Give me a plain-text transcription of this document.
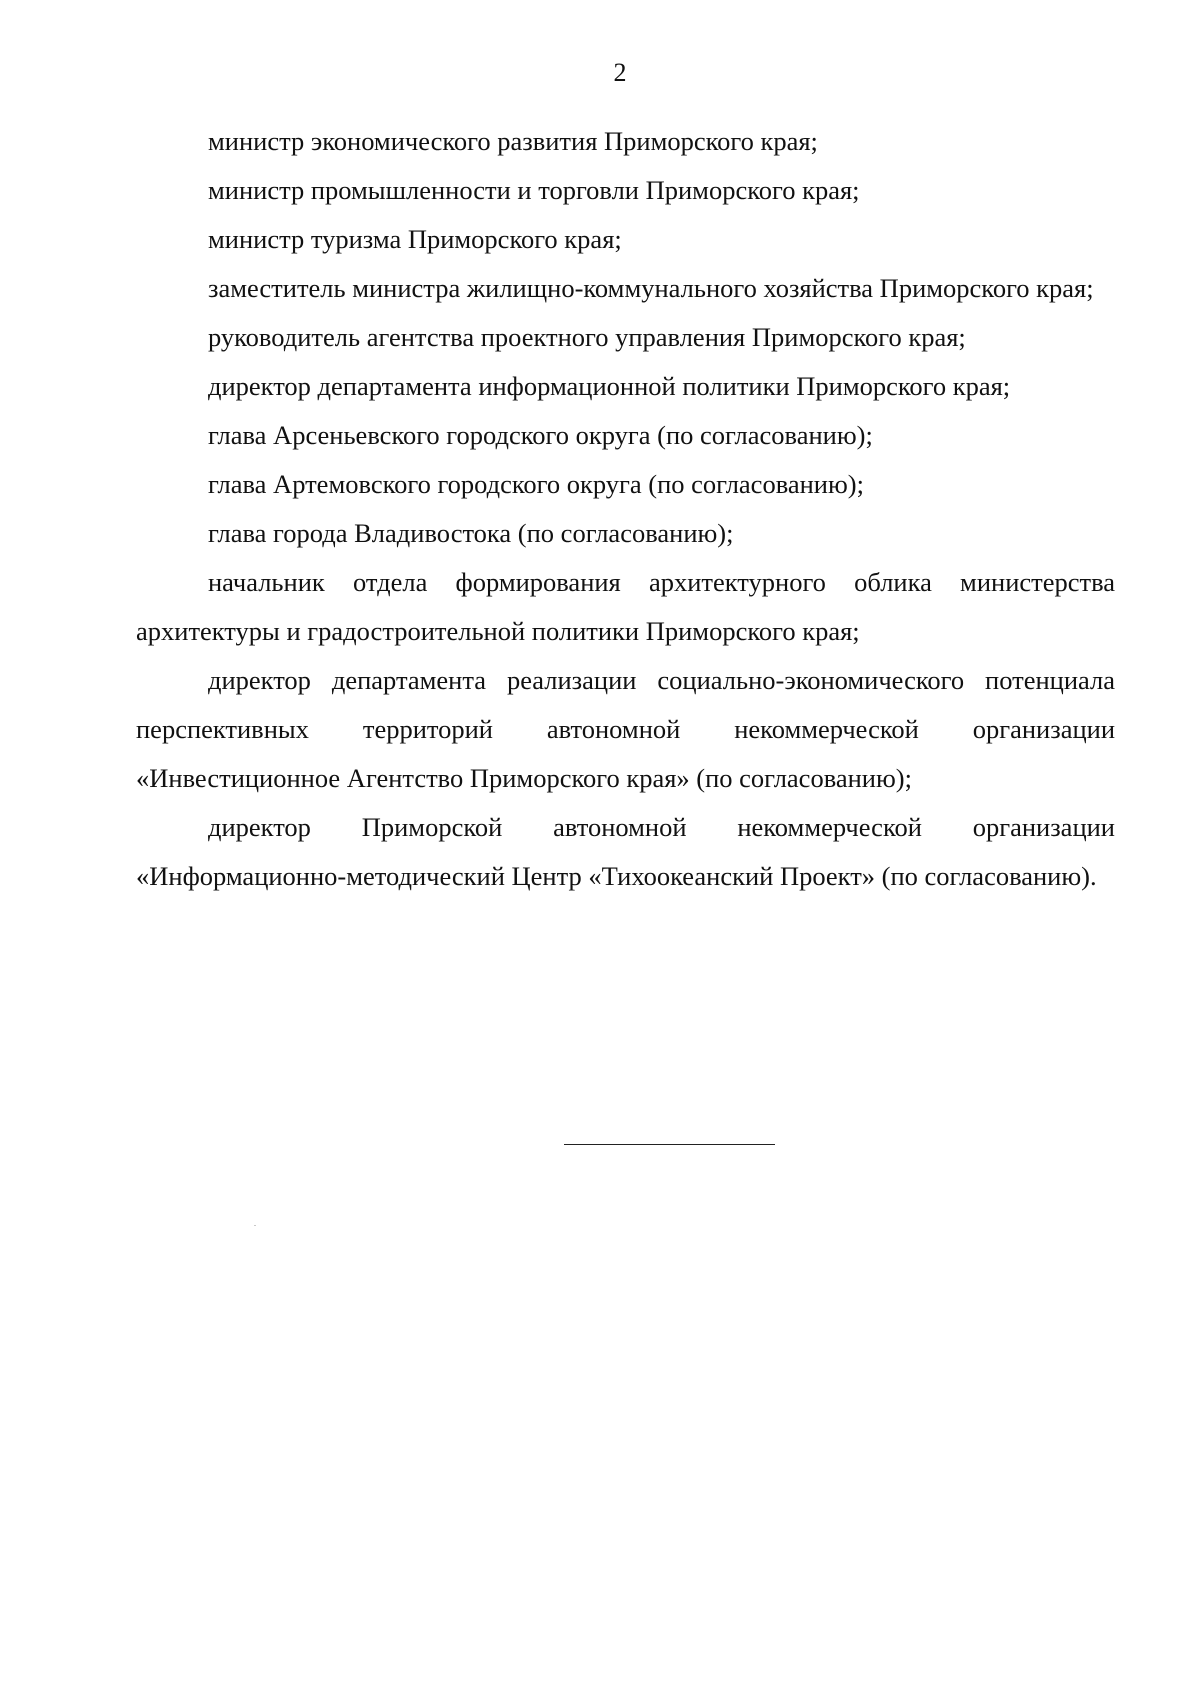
2

министр экономического развития Приморского края;

министр промышленности и торговли Приморского края;

министр туризма Приморского края;

заместитель министра жилищно-коммунального хозяйства Приморского края;

руководитель агентства проектного управления Приморского края;

директор департамента информационной политики Приморского края;

глава Арсеньевского городского округа (по согласованию);

глава Артемовского городского округа (по согласованию);

глава города Владивостока (по согласованию);

начальник отдела формирования архитектурного облика министерства архитектуры и градостроительной политики Приморского края;

директор департамента реализации социально-экономического потенциала перспективных территорий автономной некоммерческой организации «Инвестиционное Агентство Приморского края» (по согласованию);

директор Приморской автономной некоммерческой организации «Информационно-методический Центр «Тихоокеанский Проект» (по согласованию).
